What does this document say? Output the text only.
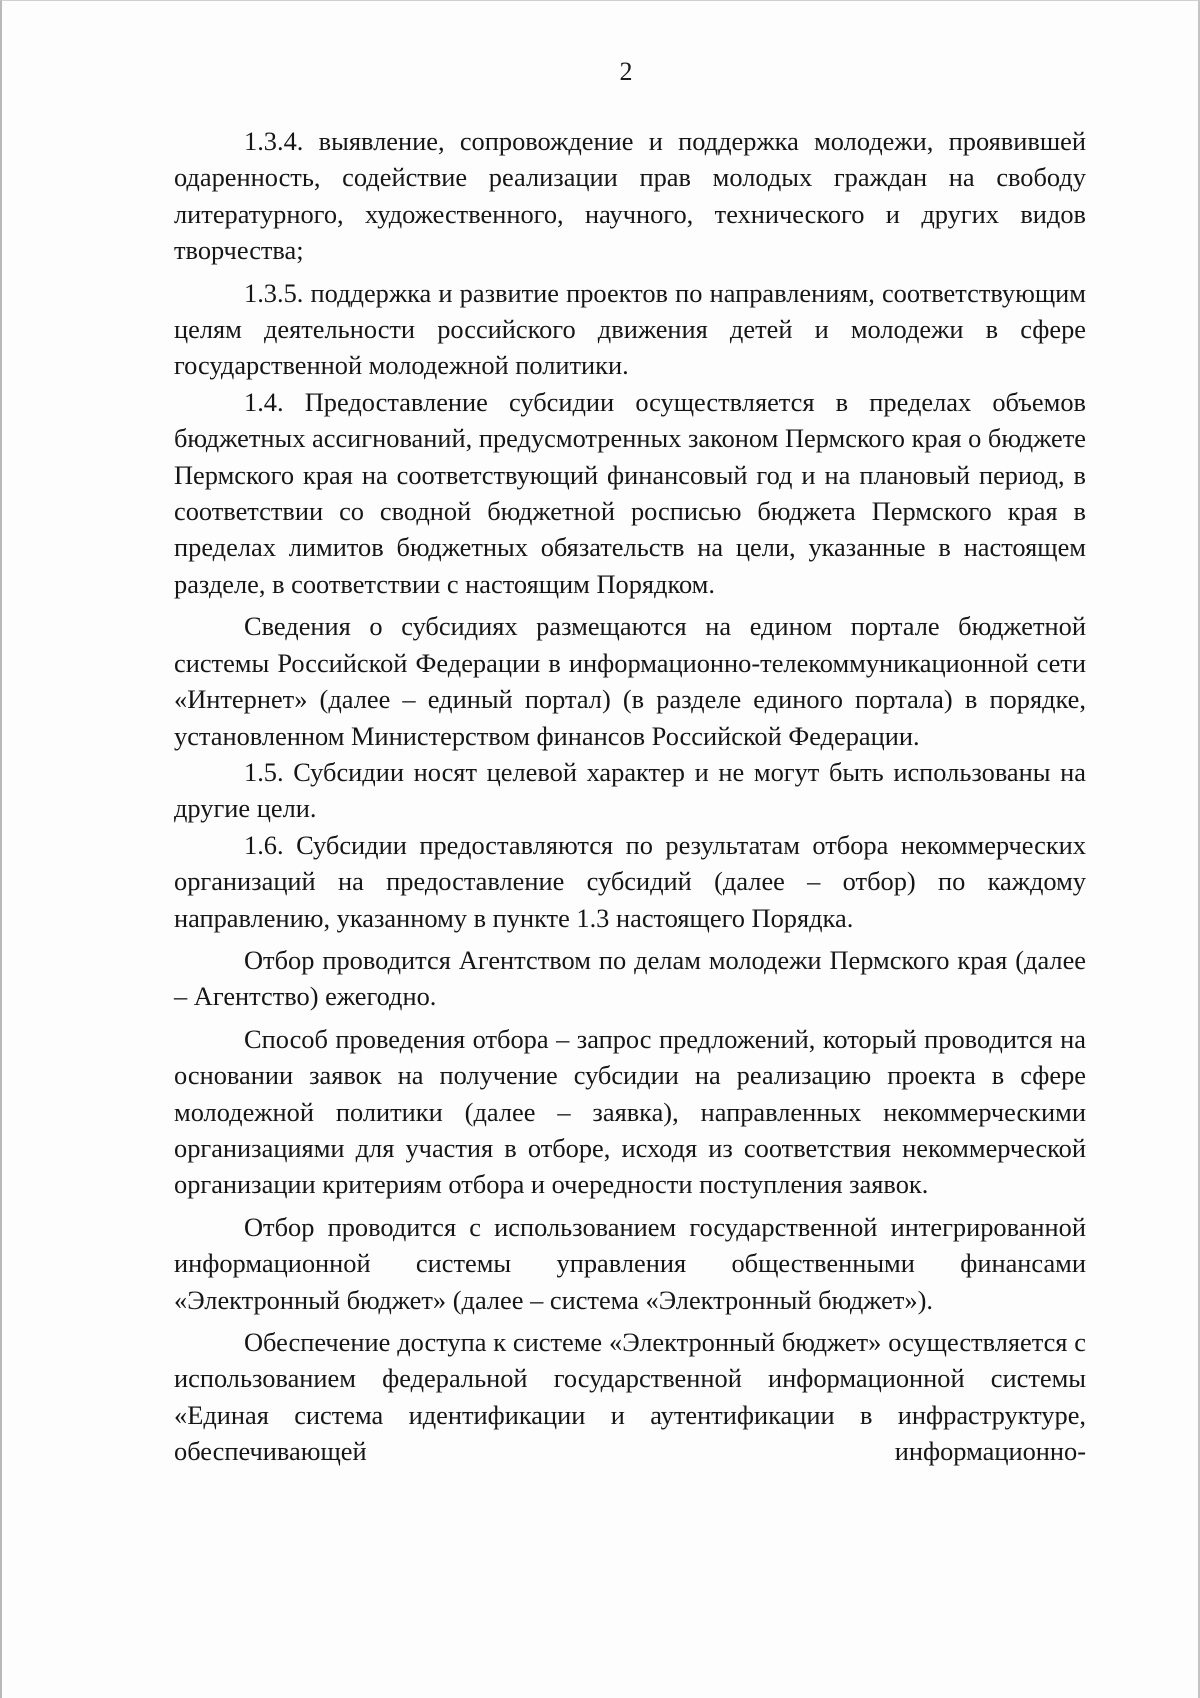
2

1.3.4. выявление, сопровождение и поддержка молодежи, проявившей одаренность, содействие реализации прав молодых граждан на свободу литературного, художественного, научного, технического и других видов творчества;

1.3.5. поддержка и развитие проектов по направлениям, соответствующим целям деятельности российского движения детей и молодежи в сфере государственной молодежной политики.

1.4. Предоставление субсидии осуществляется в пределах объемов бюджетных ассигнований, предусмотренных законом Пермского края о бюджете Пермского края на соответствующий финансовый год и на плановый период, в соответствии со сводной бюджетной росписью бюджета Пермского края в пределах лимитов бюджетных обязательств на цели, указанные в настоящем разделе, в соответствии с настоящим Порядком.

Сведения о субсидиях размещаются на едином портале бюджетной системы Российской Федерации в информационно-телекоммуникационной сети «Интернет» (далее – единый портал) (в разделе единого портала) в порядке, установленном Министерством финансов Российской Федерации.

1.5. Субсидии носят целевой характер и не могут быть использованы на другие цели.

1.6. Субсидии предоставляются по результатам отбора некоммерческих организаций на предоставление субсидий (далее – отбор) по каждому направлению, указанному в пункте 1.3 настоящего Порядка.

Отбор проводится Агентством по делам молодежи Пермского края (далее – Агентство) ежегодно.

Способ проведения отбора – запрос предложений, который проводится на основании заявок на получение субсидии на реализацию проекта в сфере молодежной политики (далее – заявка), направленных некоммерческими организациями для участия в отборе, исходя из соответствия некоммерческой организации критериям отбора и очередности поступления заявок.

Отбор проводится с использованием государственной интегрированной информационной системы управления общественными финансами «Электронный бюджет» (далее – система «Электронный бюджет»).

Обеспечение доступа к системе «Электронный бюджет» осуществляется с использованием федеральной государственной информационной системы «Единая система идентификации и аутентификации в инфраструктуре, обеспечивающей информационно-
